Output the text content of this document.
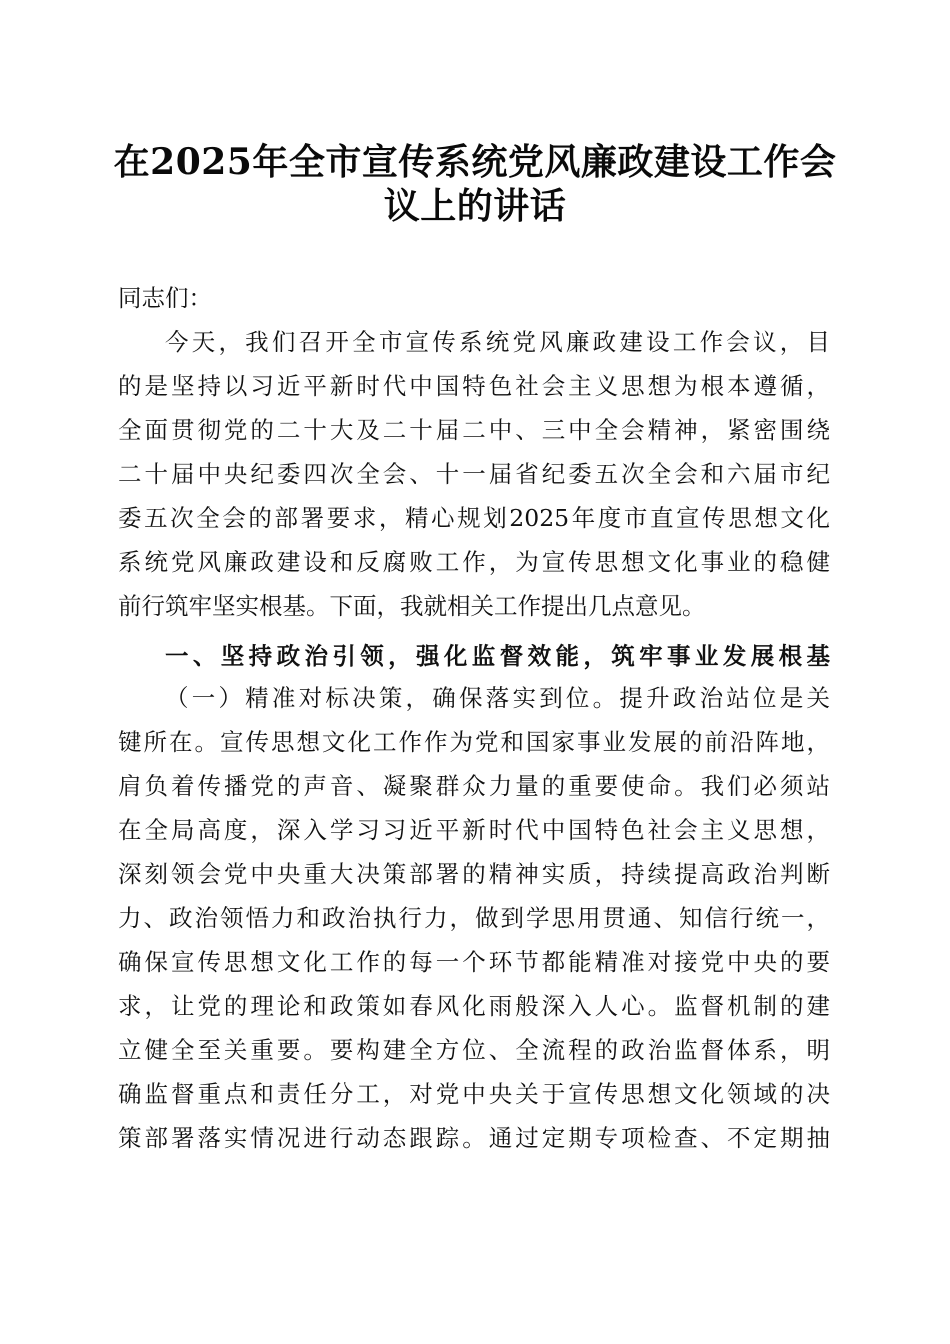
在2025年全市宣传系统党风廉政建设工作会
议上的讲话
同志们：
今天，我们召开全市宣传系统党风廉政建设工作会议，目
的是坚持以习近平新时代中国特色社会主义思想为根本遵循，
全面贯彻党的二十大及二十届二中、三中全会精神，紧密围绕
二十届中央纪委四次全会、十一届省纪委五次全会和六届市纪
委五次全会的部署要求，精心规划2025年度市直宣传思想文化
系统党风廉政建设和反腐败工作，为宣传思想文化事业的稳健
前行筑牢坚实根基。下面，我就相关工作提出几点意见。
一、坚持政治引领，强化监督效能，筑牢事业发展根基
（一）精准对标决策，确保落实到位。提升政治站位是关
键所在。宣传思想文化工作作为党和国家事业发展的前沿阵地，
肩负着传播党的声音、凝聚群众力量的重要使命。我们必须站
在全局高度，深入学习习近平新时代中国特色社会主义思想，
深刻领会党中央重大决策部署的精神实质，持续提高政治判断
力、政治领悟力和政治执行力，做到学思用贯通、知信行统一，
确保宣传思想文化工作的每一个环节都能精准对接党中央的要
求，让党的理论和政策如春风化雨般深入人心。监督机制的建
立健全至关重要。要构建全方位、全流程的政治监督体系，明
确监督重点和责任分工，对党中央关于宣传思想文化领域的决
策部署落实情况进行动态跟踪。通过定期专项检查、不定期抽
